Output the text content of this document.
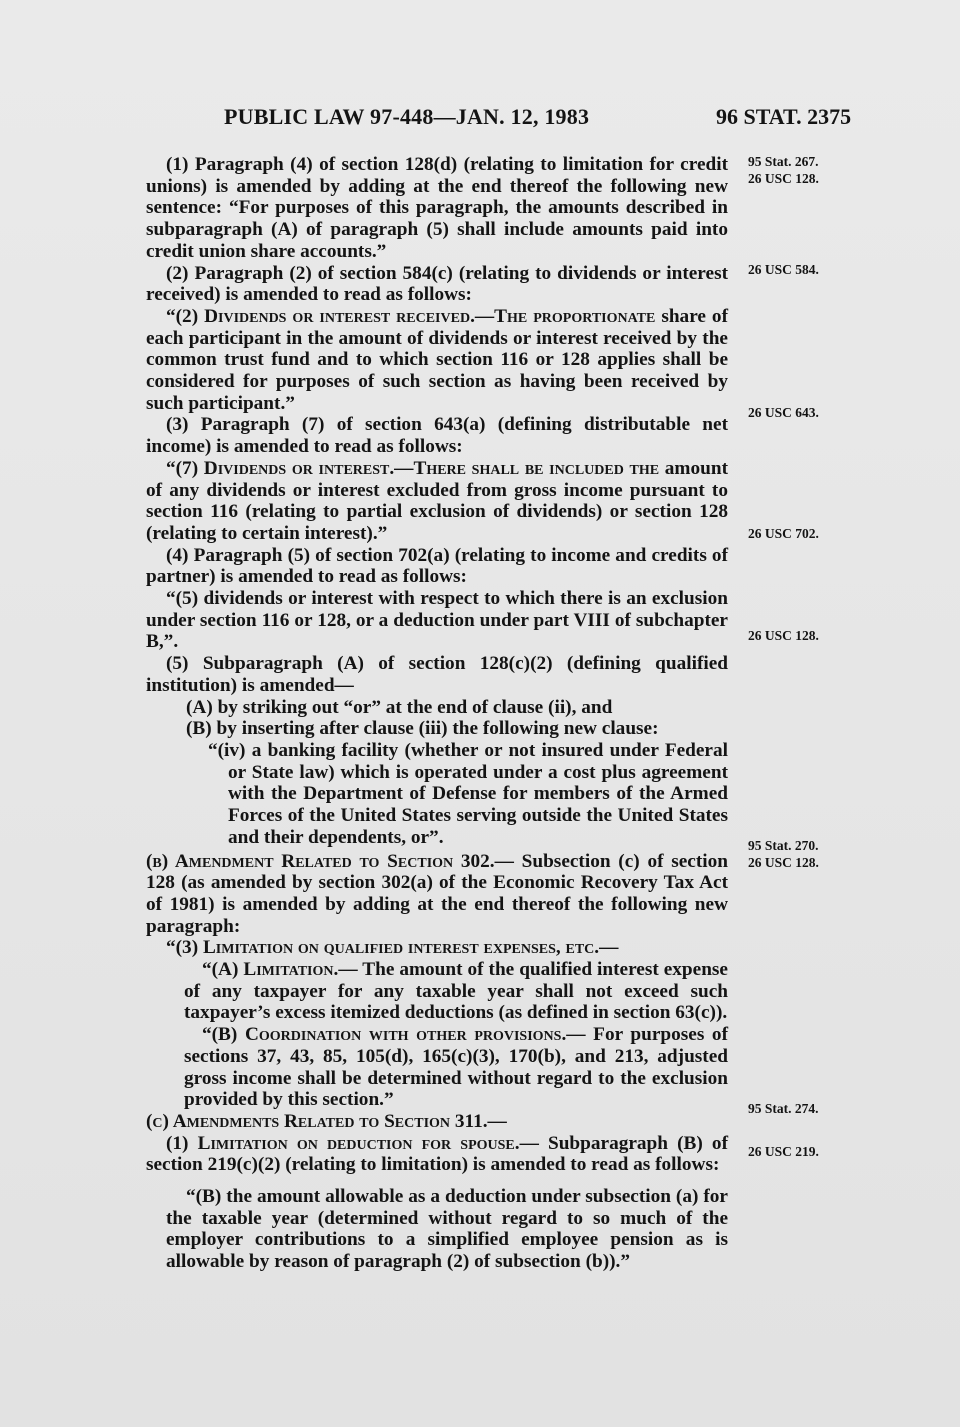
PUBLIC LAW 97-448—JAN. 12, 1983	96 STAT. 2375

(1) Paragraph (4) of section 128(d) (relating to limitation for credit unions) is amended by adding at the end thereof the following new sentence: “For purposes of this paragraph, the amounts described in subparagraph (A) of paragraph (5) shall include amounts paid into credit union share accounts.”

(2) Paragraph (2) of section 584(c) (relating to dividends or interest received) is amended to read as follows:

“(2) Dividends or interest received.—The proportionate share of each participant in the amount of dividends or interest received by the common trust fund and to which section 116 or 128 applies shall be considered for purposes of such section as having been received by such participant.”

(3) Paragraph (7) of section 643(a) (defining distributable net income) is amended to read as follows:

“(7) Dividends or interest.—There shall be included the amount of any dividends or interest excluded from gross income pursuant to section 116 (relating to partial exclusion of dividends) or section 128 (relating to certain interest).”

(4) Paragraph (5) of section 702(a) (relating to income and credits of partner) is amended to read as follows:

“(5) dividends or interest with respect to which there is an exclusion under section 116 or 128, or a deduction under part VIII of subchapter B,”.

(5) Subparagraph (A) of section 128(c)(2) (defining qualified institution) is amended—

(A) by striking out “or” at the end of clause (ii), and

(B) by inserting after clause (iii) the following new clause:

“(iv) a banking facility (whether or not insured under Federal or State law) which is operated under a cost plus agreement with the Department of Defense for members of the Armed Forces of the United States serving outside the United States and their dependents, or”.

(b) Amendment Related to Section 302.— Subsection (c) of section 128 (as amended by section 302(a) of the Economic Recovery Tax Act of 1981) is amended by adding at the end thereof the following new paragraph:

“(3) Limitation on qualified interest expenses, etc.—

“(A) Limitation.— The amount of the qualified interest expense of any taxpayer for any taxable year shall not exceed such taxpayer’s excess itemized deductions (as defined in section 63(c)).

“(B) Coordination with other provisions.— For purposes of sections 37, 43, 85, 105(d), 165(c)(3), 170(b), and 213, adjusted gross income shall be determined without regard to the exclusion provided by this section.”

(c) Amendments Related to Section 311.—

(1) Limitation on deduction for spouse.— Subparagraph (B) of section 219(c)(2) (relating to limitation) is amended to read as follows:

“(B) the amount allowable as a deduction under subsection (a) for the taxable year (determined without regard to so much of the employer contributions to a simplified employee pension as is allowable by reason of paragraph (2) of subsection (b)).”

95 Stat. 267.
26 USC 128.
26 USC 584.
26 USC 643.
26 USC 702.
26 USC 128.
95 Stat. 270.
26 USC 128.
95 Stat. 274.
26 USC 219.
